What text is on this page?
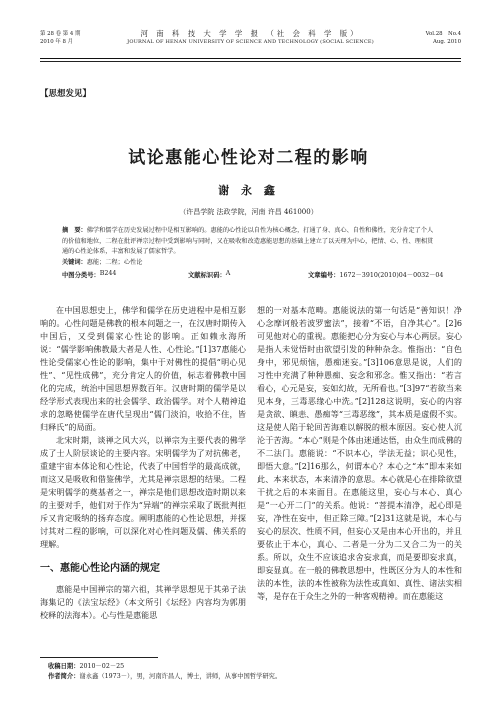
第 28 卷 第 4 期
2010 年 8 月
河 南 科 技 大 学 学 报 （社 会 科 学 版）
JOURNAL OF HENAN UNIVERSITY OF SCIENCE AND TECHNOLOGY (SOCIAL SCIENCE)
Vol.28　No.4
Aug. 2010
【思想发见】
试论惠能心性论对二程的影响
谢 永 鑫
（许昌学院 法政学院，河南 许昌 461000）
摘　要：佛学和儒学在历史发展过程中是相互影响的。惠能的心性论以自性为核心概念，打通了身、真心、自性和佛性，充分肯定了个人的价值和地位，二程在批评禅宗过程中受到影响与同时，又在吸收和改造惠能思想的基础上建立了以天理为中心，把情、心、性、理相贯通的心性论体系，丰富和发展了儒家哲学。
关键词：惠能；二程；心性论
中图分类号： B244	文献标识码： A	文章编号： 1672－3910(2010)04－0032－04

在中国思想史上，佛学和儒学在历史进程中是相互影响的。心性问题是佛教的根本问题之一，在汉唐时期传入中国后，又受到儒家心性论的影响。正如赖永海所说：“儒学影响佛教最大者是人性、心性论。”[1]37惠能心性论受儒家心性论的影响，集中于对佛性的提倡“明心见性”、“见性成佛”，充分肯定人的价值，标志着佛教中国化的完成，统治中国思想界数百年。汉唐时期的儒学是以经学形式表现出来的社会儒学、政治儒学。对个人精神追求的忽略使儒学在唐代呈现出“儒门淡泊，收拾不住，皆归释氏”的局面。

北宋时期，谈禅之风大兴，以禅宗为主要代表的佛学成了士人阶层谈论的主要内容。宋明儒学为了对抗佛老，重建宇宙本体论和心性论，代表了中国哲学的最高成就，而这又是吸收和借鉴佛学，尤其是禅宗思想的结果。二程是宋明儒学的奠基者之一，禅宗是他们思想改造时期以来的主要对手，他们对于作为“异端”的禅宗采取了既批判拒斥又肯定吸纳的扬弃态度。阐明惠能的心性论思想，并探讨其对二程的影响，可以深化对心性问题及儒、佛关系的理解。

一、惠能心性论内涵的规定

惠能是中国禅宗的第六祖，其禅学思想见于其弟子法海集记的《法宝坛经》（本文所引《坛经》内容均为郭朋校释的法海本）。心与性是惠能思

想的一对基本范畴。惠能说法的第一句话是“善知识！净心念摩诃般若波罗蜜法”，接着“不语，自净其心”。[2]6可见他对心的重视。惠能把心分为妄心与本心两层。妄心是指人未觉悟时由欲望引发的种种杂念。惟指出：“自色身中，邪见烦恼，愚痴迷妄。”[3]106意思是说，人们的习性中充满了种种愚痴、妄念和邪念。惟又指出：“若言看心，心元是妄，妄如幻故，无所看也。”[3]97“若欲当来见本身，三毒恶缘心中洗。”[2]128这说明，妄心的内容是贪欲、瞋恚、愚痴等“三毒恶缘”，其本质是虚假不实。这是使人陷于轮回苦海难以解脱的根本原因。妄心使人沉沦于苦海。“本心”则是个体由迷通达悟，由众生而成佛的不二法门。惠能说：“不识本心，学法无益；识心见性，即悟大意。”[2]16那么，何谓本心？本心之“本”即本来如此、本来状态，本来清净的意思。本心就是心在排除欲望干扰之后的本来面目。在惠能这里，妄心与本心、真心是“一心开二门”的关系。他说：“菩提本清净，起心即是妄，净性在妄中，但正除三障。”[2]31这就是说，本心与妄心的层次、性质不同，但妄心又是由本心开出的，并且要依止于本心，真心、二者是一分为二又合二为一的关系。所以，众生不应该追求舍妄求真，而是要即妄求真，即妄显真。在一般的佛教思想中，性既区分为人的本性和法的本性，法的本性被称为法性或真如、真性、诸法实相等，是存在于众生之外的一种客观精神。而在惠能这

收稿日期：2010－02－25
作者简介：谢永鑫（1973－），男，河南许昌人，博士，讲师，从事中国哲学研究。
